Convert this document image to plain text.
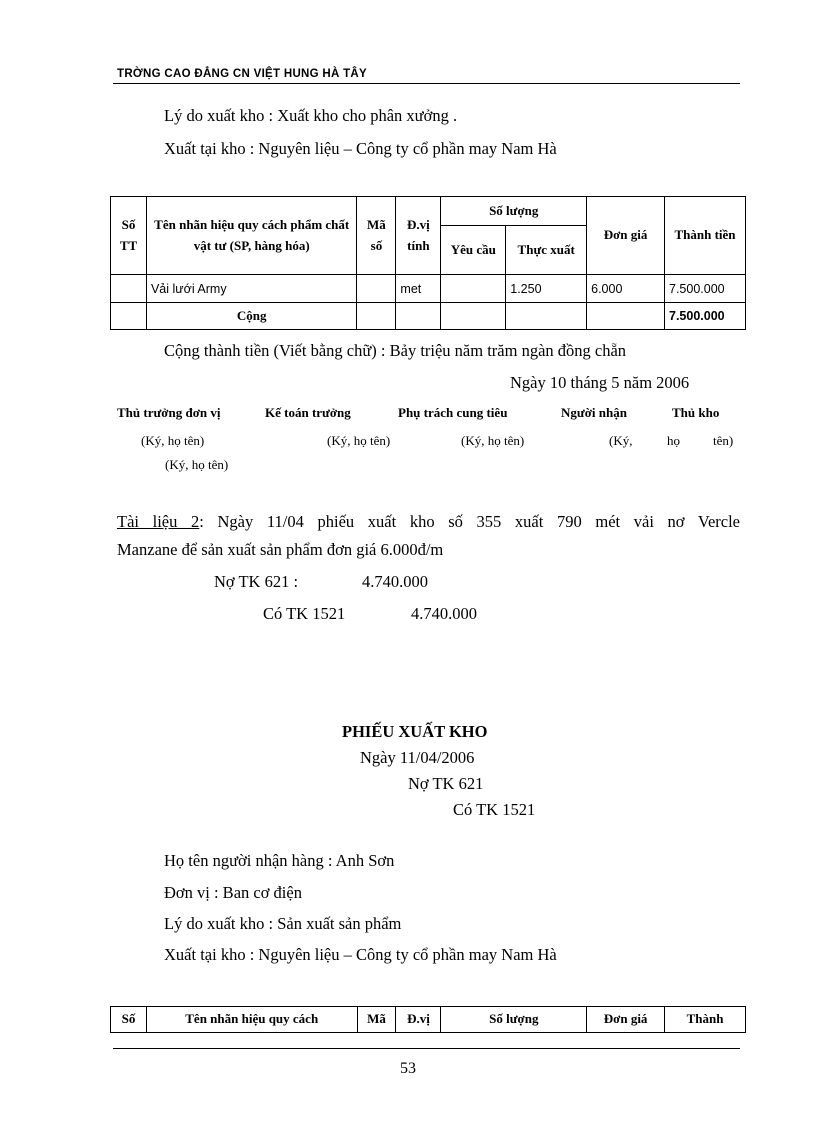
TRỜNG CAO ĐẲNG CN VIỆT HUNG HÀ TÂY
Lý do xuất kho : Xuất kho cho phân xưởng .
Xuất tại kho : Nguyên liệu – Công ty cổ phần may Nam Hà
Số TT	Tên nhãn hiệu quy cách phẩm chất vật tư (SP, hàng hóa)	Mã số	Đ.vị tính	Số lượng		Đơn giá	Thành tiền
				Yêu cầu	Thực xuất		
	Vải lưới Army		met		1.250	6.000	7.500.000
	Cộng						7.500.000
Cộng thành tiền (Viết bằng chữ) : Bảy triệu năm trăm ngàn đồng chẵn
Ngày 10 tháng 5 năm 2006
Thủ trưởng đơn vị	Kế toán trưởng	Phụ trách cung tiêu	Người nhận	Thủ kho
(Ký, họ tên)	(Ký, họ tên)	(Ký, họ tên)	(Ký,	họ	tên)
(Ký, họ tên)
Tài liệu 2: Ngày 11/04 phiếu xuất kho số 355 xuất 790 mét vải nơ Vercle
Manzane để sản xuất sản phẩm đơn giá 6.000đ/m
Nợ TK 621 :	4.740.000
Có TK 1521	4.740.000
PHIẾU XUẤT KHO
Ngày 11/04/2006
Nợ TK 621
Có TK 1521
Họ tên người nhận hàng : Anh Sơn
Đơn vị : Ban cơ điện
Lý do xuất kho : Sản xuất sản phẩm
Xuất tại kho : Nguyên liệu – Công ty cổ phần may Nam Hà
Số	Tên nhãn hiệu quy cách	Mã	Đ.vị	Số lượng	Đơn giá	Thành
53
